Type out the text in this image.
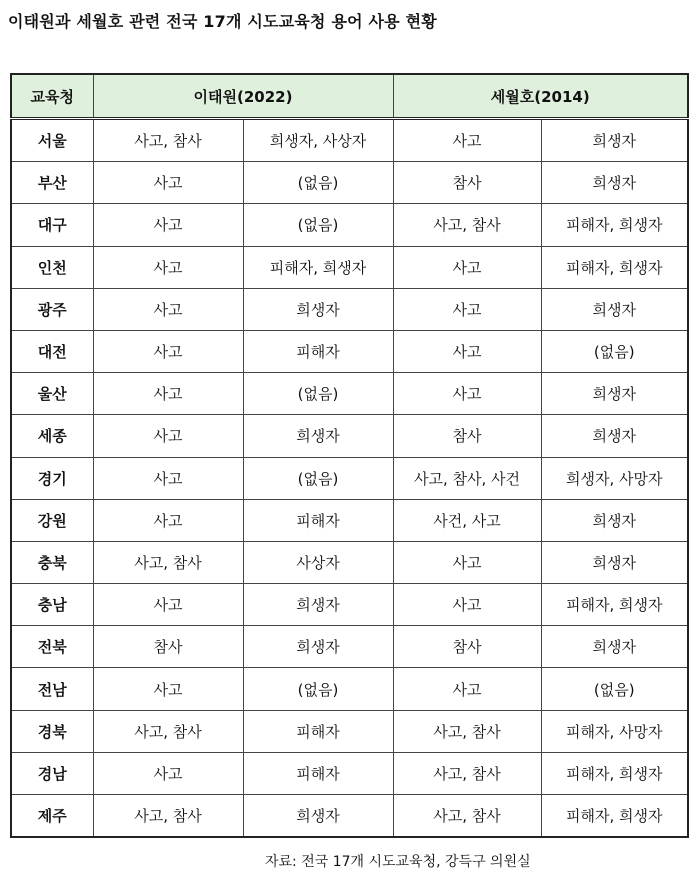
이태원과 세월호 관련 전국 17개 시도교육청 용어 사용 현황
교육청	이태원(2022)		세월호(2014)	
서울	사고, 참사	희생자, 사상자	사고	희생자
부산	사고	(없음)	참사	희생자
대구	사고	(없음)	사고, 참사	피해자, 희생자
인천	사고	피해자, 희생자	사고	피해자, 희생자
광주	사고	희생자	사고	희생자
대전	사고	피해자	사고	(없음)
울산	사고	(없음)	사고	희생자
세종	사고	희생자	참사	희생자
경기	사고	(없음)	사고, 참사, 사건	희생자, 사망자
강원	사고	피해자	사건, 사고	희생자
충북	사고, 참사	사상자	사고	희생자
충남	사고	희생자	사고	피해자, 희생자
전북	참사	희생자	참사	희생자
전남	사고	(없음)	사고	(없음)
경북	사고, 참사	피해자	사고, 참사	피해자, 사망자
경남	사고	피해자	사고, 참사	피해자, 희생자
제주	사고, 참사	희생자	사고, 참사	피해자, 희생자
자료: 전국 17개 시도교육청, 강득구 의원실
